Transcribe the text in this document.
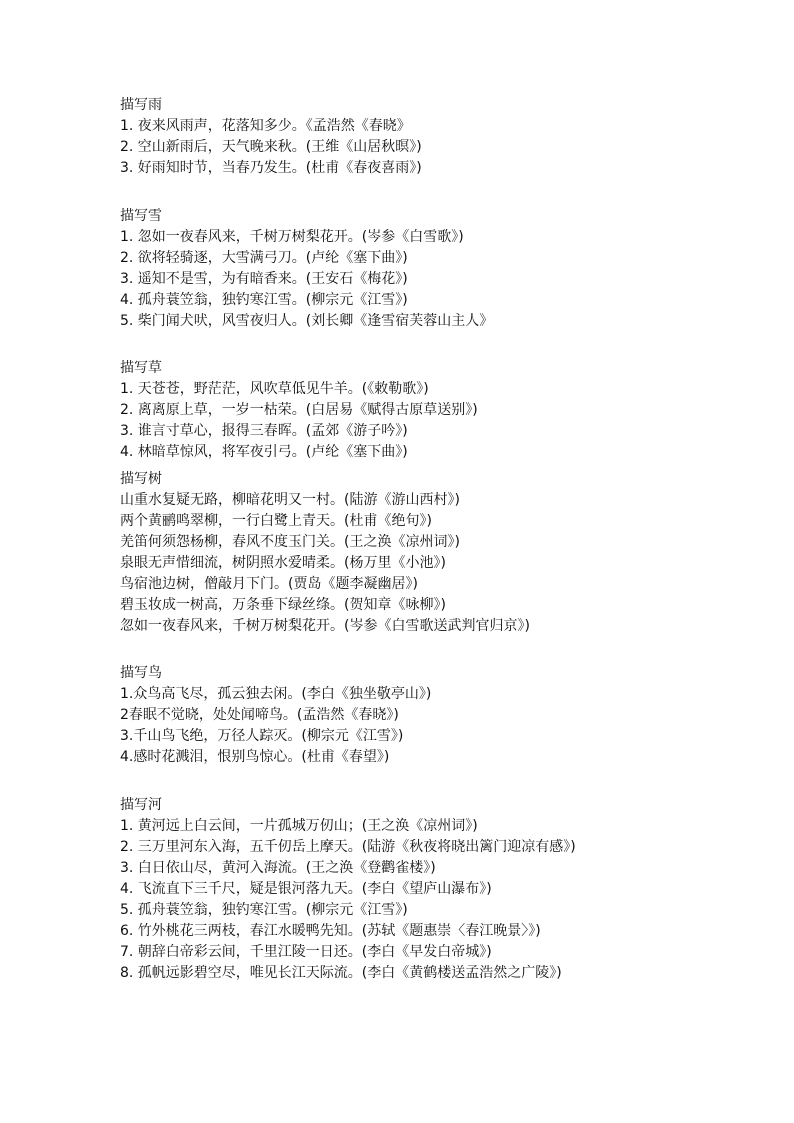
描写雨
1. 夜来风雨声，花落知多少。《孟浩然《春晓》
2. 空山新雨后，天气晚来秋。(王维《山居秋暝》)
3. 好雨知时节，当春乃发生。(杜甫《春夜喜雨》)
描写雪
1. 忽如一夜春风来，千树万树梨花开。(岑参《白雪歌》)
2. 欲将轻骑逐，大雪满弓刀。(卢纶《塞下曲》)
3. 遥知不是雪，为有暗香来。(王安石《梅花》)
4. 孤舟蓑笠翁，独钓寒江雪。(柳宗元《江雪》)
5. 柴门闻犬吠，风雪夜归人。(刘长卿《逢雪宿芙蓉山主人》
描写草
1. 天苍苍，野茫茫，风吹草低见牛羊。(《敕勒歌》)
2. 离离原上草，一岁一枯荣。(白居易《赋得古原草送别》)
3. 谁言寸草心，报得三春晖。(孟郊《游子吟》)
4. 林暗草惊风，将军夜引弓。(卢纶《塞下曲》)
描写树
山重水复疑无路，柳暗花明又一村。(陆游《游山西村》)
两个黄鹂鸣翠柳，一行白鹭上青天。(杜甫《绝句》)
羌笛何须怨杨柳，春风不度玉门关。(王之涣《凉州词》)
泉眼无声惜细流，树阴照水爱晴柔。(杨万里《小池》)
鸟宿池边树，僧敲月下门。(贾岛《题李凝幽居》)
碧玉妆成一树高，万条垂下绿丝绦。(贺知章《咏柳》)
忽如一夜春风来，千树万树梨花开。(岑参《白雪歌送武判官归京》)
描写鸟
1.众鸟高飞尽，孤云独去闲。(李白《独坐敬亭山》)
2春眠不觉晓，处处闻啼鸟。(孟浩然《春晓》)
3.千山鸟飞绝，万径人踪灭。(柳宗元《江雪》)
4.感时花溅泪，恨别鸟惊心。(杜甫《春望》)
描写河
1. 黄河远上白云间，一片孤城万仞山；(王之涣《凉州词》)
2. 三万里河东入海，五千仞岳上摩天。(陆游《秋夜将晓出篱门迎凉有感》)
3. 白日依山尽，黄河入海流。(王之涣《登鹳雀楼》)
4. 飞流直下三千尺，疑是银河落九天。(李白《望庐山瀑布》)
5. 孤舟蓑笠翁，独钓寒江雪。(柳宗元《江雪》)
6. 竹外桃花三两枝，春江水暖鸭先知。(苏轼《题惠崇〈春江晚景〉》)
7. 朝辞白帝彩云间，千里江陵一日还。(李白《早发白帝城》)
8. 孤帆远影碧空尽，唯见长江天际流。(李白《黄鹤楼送孟浩然之广陵》)
